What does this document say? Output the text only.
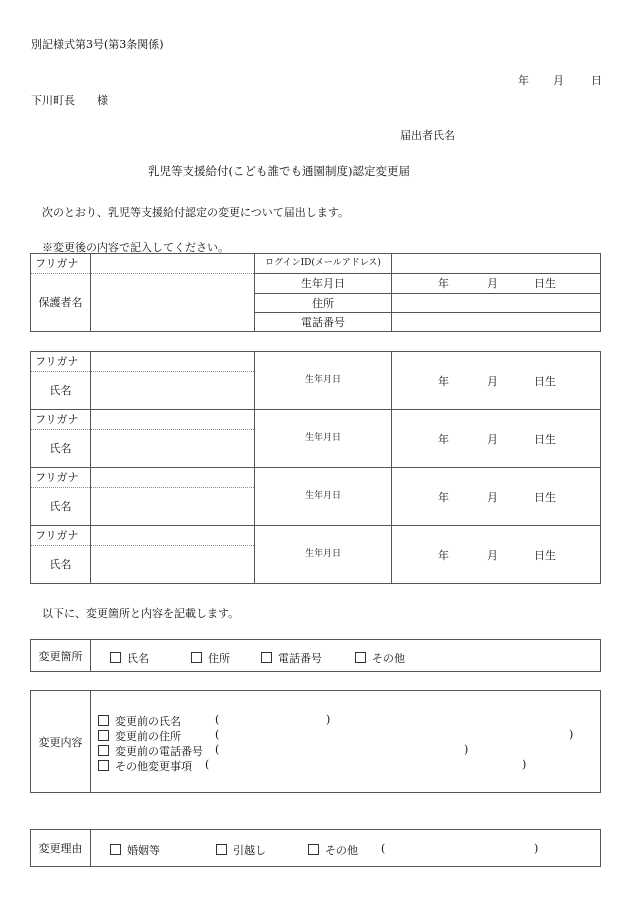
別記様式第3号(第3条関係)
年 月 日
下川町長　　様
届出者氏名
乳児等支援給付(こども誰でも通園制度)認定変更届
次のとおり、乳児等支援給付認定の変更について届出します。
※変更後の内容で記入してください。
フリガナ		ログインID(メールアドレス)	
保護者名		生年月日	年 月 日生

		住所	
		電話番号	
フリガナ		生年月日	年 月 日生

氏名			
フリガナ		生年月日	年 月 日生

氏名			
フリガナ		生年月日	年 月 日生

氏名			
フリガナ		生年月日	年 月 日生

氏名			
以下に、変更箇所と内容を記載します。
変更箇所	氏名	住所	電話番号	その他
変更内容
変更前の氏名	(	)
変更前の住所	(	)
変更前の電話番号 (	)
その他変更事項 (	)
変更理由	婚姻等	引越し	その他 (	)
